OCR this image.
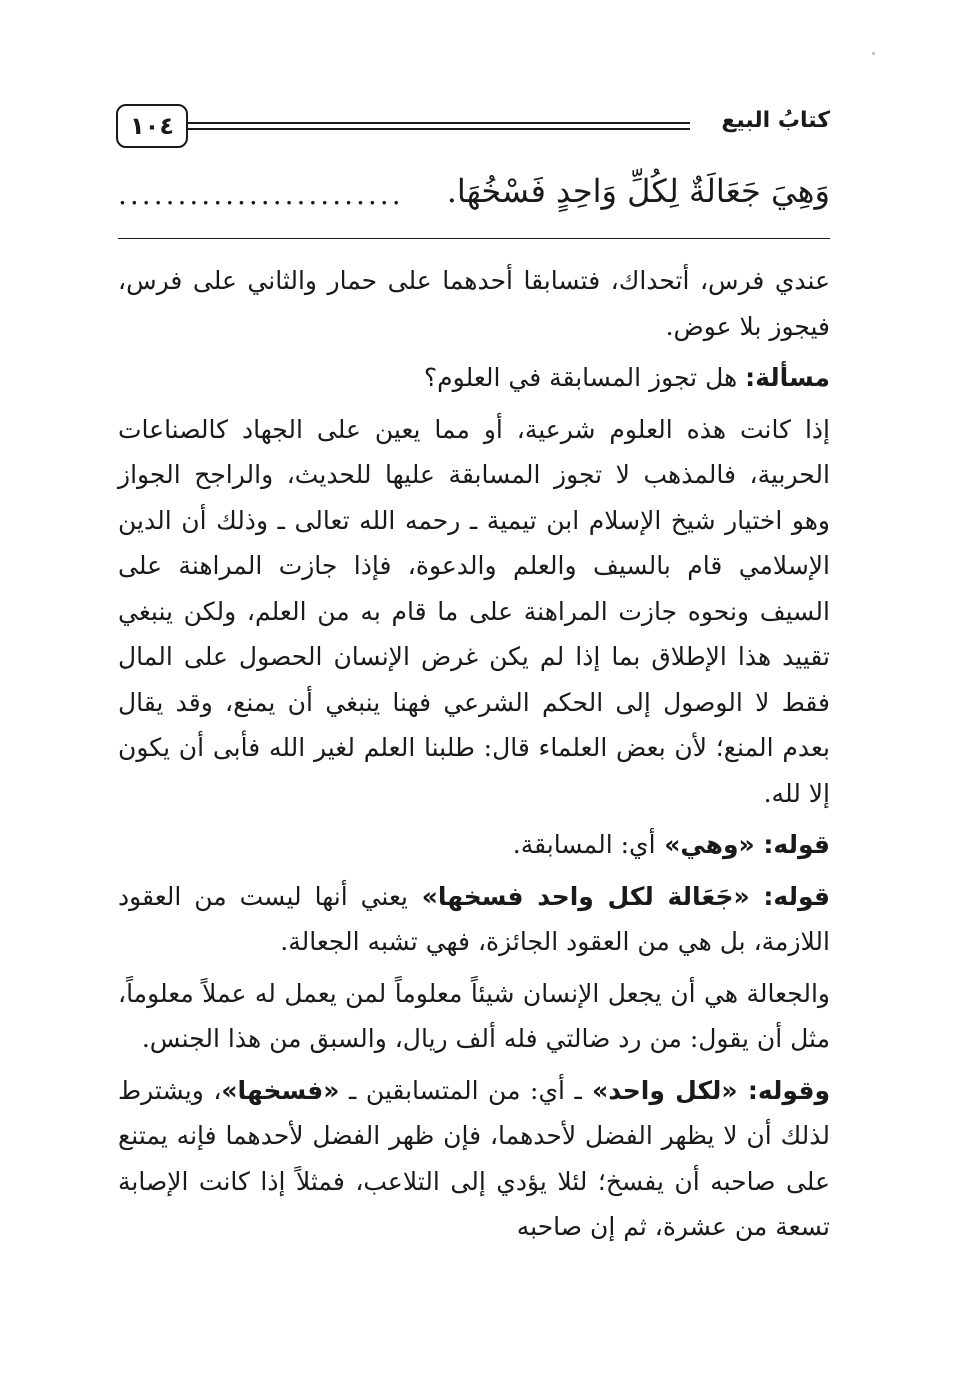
١٠٤	كتابُ البيع
وَهِيَ جَعَالَةٌ لِكُلِّ وَاحِدٍ فَسْخُهَا.
........................

عندي فرس، أتحداك، فتسابقا أحدهما على حمار والثاني على فرس، فيجوز بلا عوض.

مسألة: هل تجوز المسابقة في العلوم؟

إذا كانت هذه العلوم شرعية، أو مما يعين على الجهاد كالصناعات الحربية، فالمذهب لا تجوز المسابقة عليها للحديث، والراجح الجواز وهو اختيار شيخ الإسلام ابن تيمية ـ رحمه الله تعالى ـ وذلك أن الدين الإسلامي قام بالسيف والعلم والدعوة، فإذا جازت المراهنة على السيف ونحوه جازت المراهنة على ما قام به من العلم، ولكن ينبغي تقييد هذا الإطلاق بما إذا لم يكن غرض الإنسان الحصول على المال فقط لا الوصول إلى الحكم الشرعي فهنا ينبغي أن يمنع، وقد يقال بعدم المنع؛ لأن بعض العلماء قال: طلبنا العلم لغير الله فأبى أن يكون إلا لله.

قوله: «وهي» أي: المسابقة.

قوله: «جَعَالة لكل واحد فسخها» يعني أنها ليست من العقود اللازمة، بل هي من العقود الجائزة، فهي تشبه الجعالة.

والجعالة هي أن يجعل الإنسان شيئاً معلوماً لمن يعمل له عملاً معلوماً، مثل أن يقول: من رد ضالتي فله ألف ريال، والسبق من هذا الجنس.

وقوله: «لكل واحد» ـ أي: من المتسابقين ـ «فسخها»، ويشترط لذلك أن لا يظهر الفضل لأحدهما، فإن ظهر الفضل لأحدهما فإنه يمتنع على صاحبه أن يفسخ؛ لئلا يؤدي إلى التلاعب، فمثلاً إذا كانت الإصابة تسعة من عشرة، ثم إن صاحبه
